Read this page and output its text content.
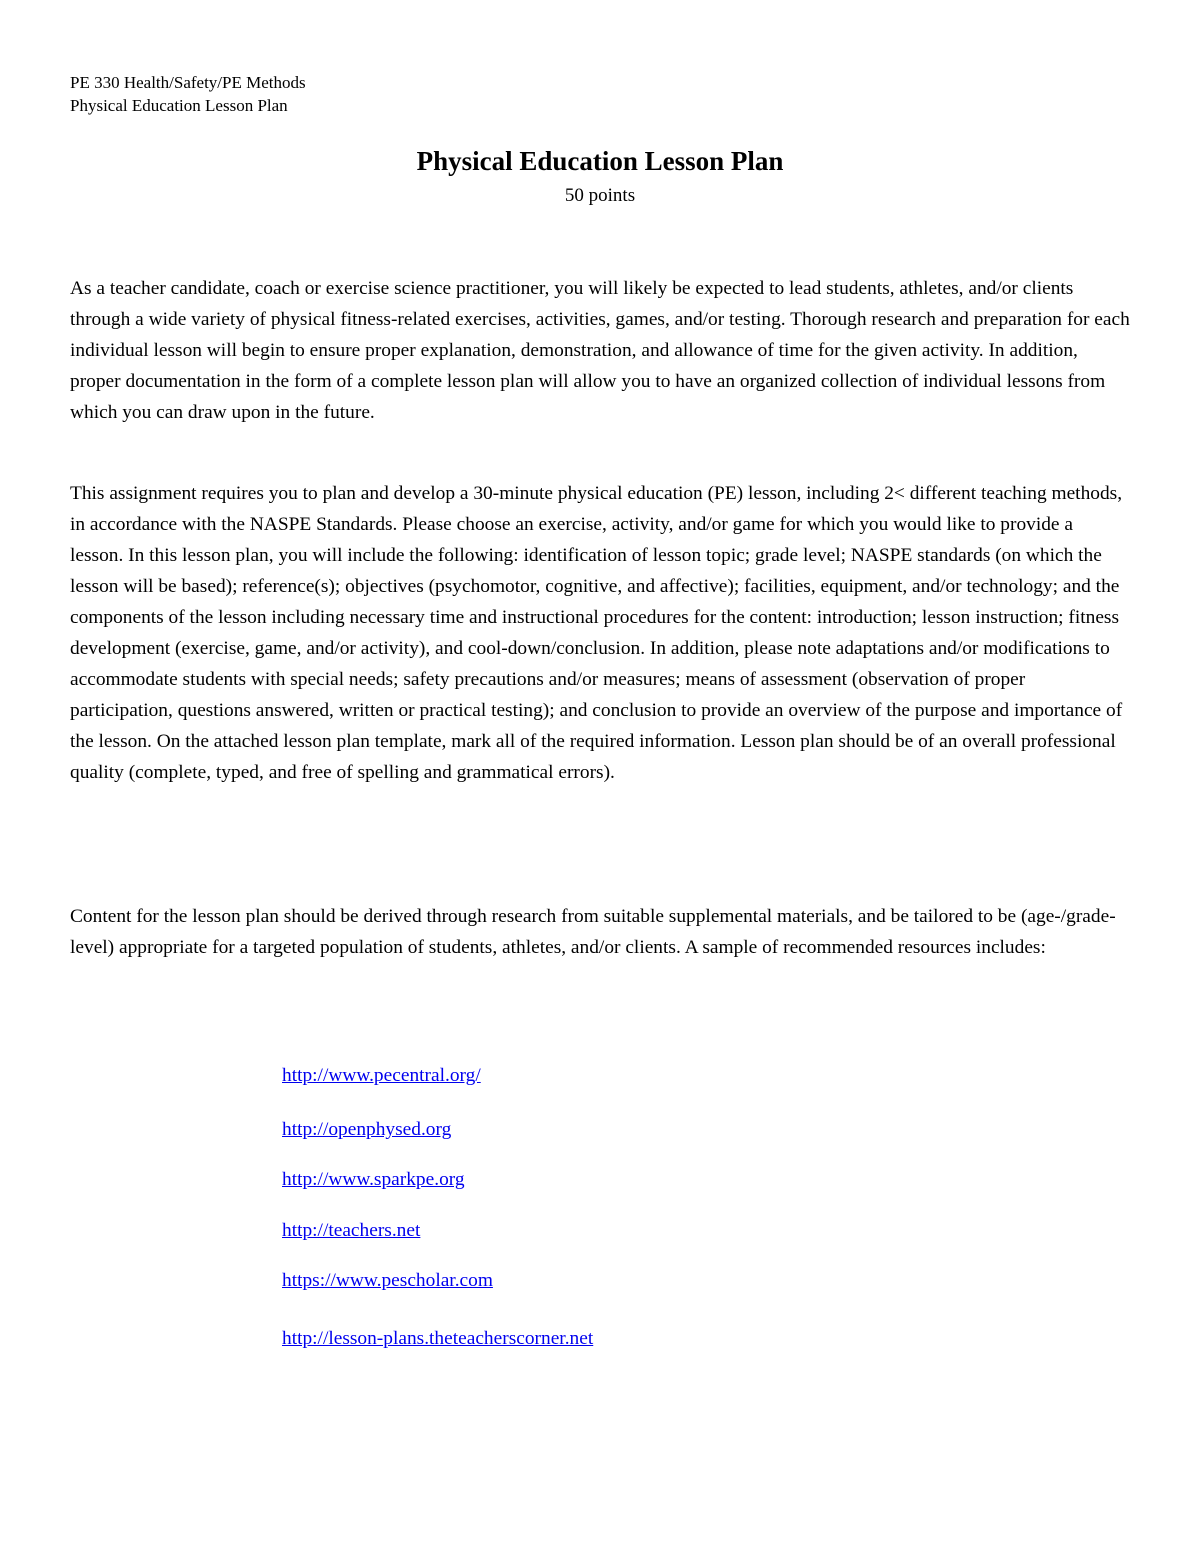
PE 330 Health/Safety/PE Methods
Physical Education Lesson Plan
Physical Education Lesson Plan
50 points

As a teacher candidate, coach or exercise science practitioner, you will likely be expected to lead students, athletes, and/or clients through a wide variety of physical fitness-related exercises, activities, games, and/or testing. Thorough research and preparation for each individual lesson will begin to ensure proper explanation, demonstration, and allowance of time for the given activity. In addition, proper documentation in the form of a complete lesson plan will allow you to have an organized collection of individual lessons from which you can draw upon in the future.

This assignment requires you to plan and develop a 30-minute physical education (PE) lesson, including 2< different teaching methods, in accordance with the NASPE Standards. Please choose an exercise, activity, and/or game for which you would like to provide a lesson. In this lesson plan, you will include the following: identification of lesson topic; grade level; NASPE standards (on which the lesson will be based); reference(s); objectives (psychomotor, cognitive, and affective); facilities, equipment, and/or technology; and the components of the lesson including necessary time and instructional procedures for the content: introduction; lesson instruction; fitness development (exercise, game, and/or activity), and cool-down/conclusion. In addition, please note adaptations and/or modifications to accommodate students with special needs; safety precautions and/or measures; means of assessment (observation of proper participation, questions answered, written or practical testing); and conclusion to provide an overview of the purpose and importance of the lesson. On the attached lesson plan template, mark all of the required information. Lesson plan should be of an overall professional quality (complete, typed, and free of spelling and grammatical errors).

Content for the lesson plan should be derived through research from suitable supplemental materials, and be tailored to be (age-/grade-level) appropriate for a targeted population of students, athletes, and/or clients. A sample of recommended resources includes:

http://www.pecentral.org/
http://openphysed.org
http://www.sparkpe.org
http://teachers.net
https://www.pescholar.com
http://lesson-plans.theteacherscorner.net
